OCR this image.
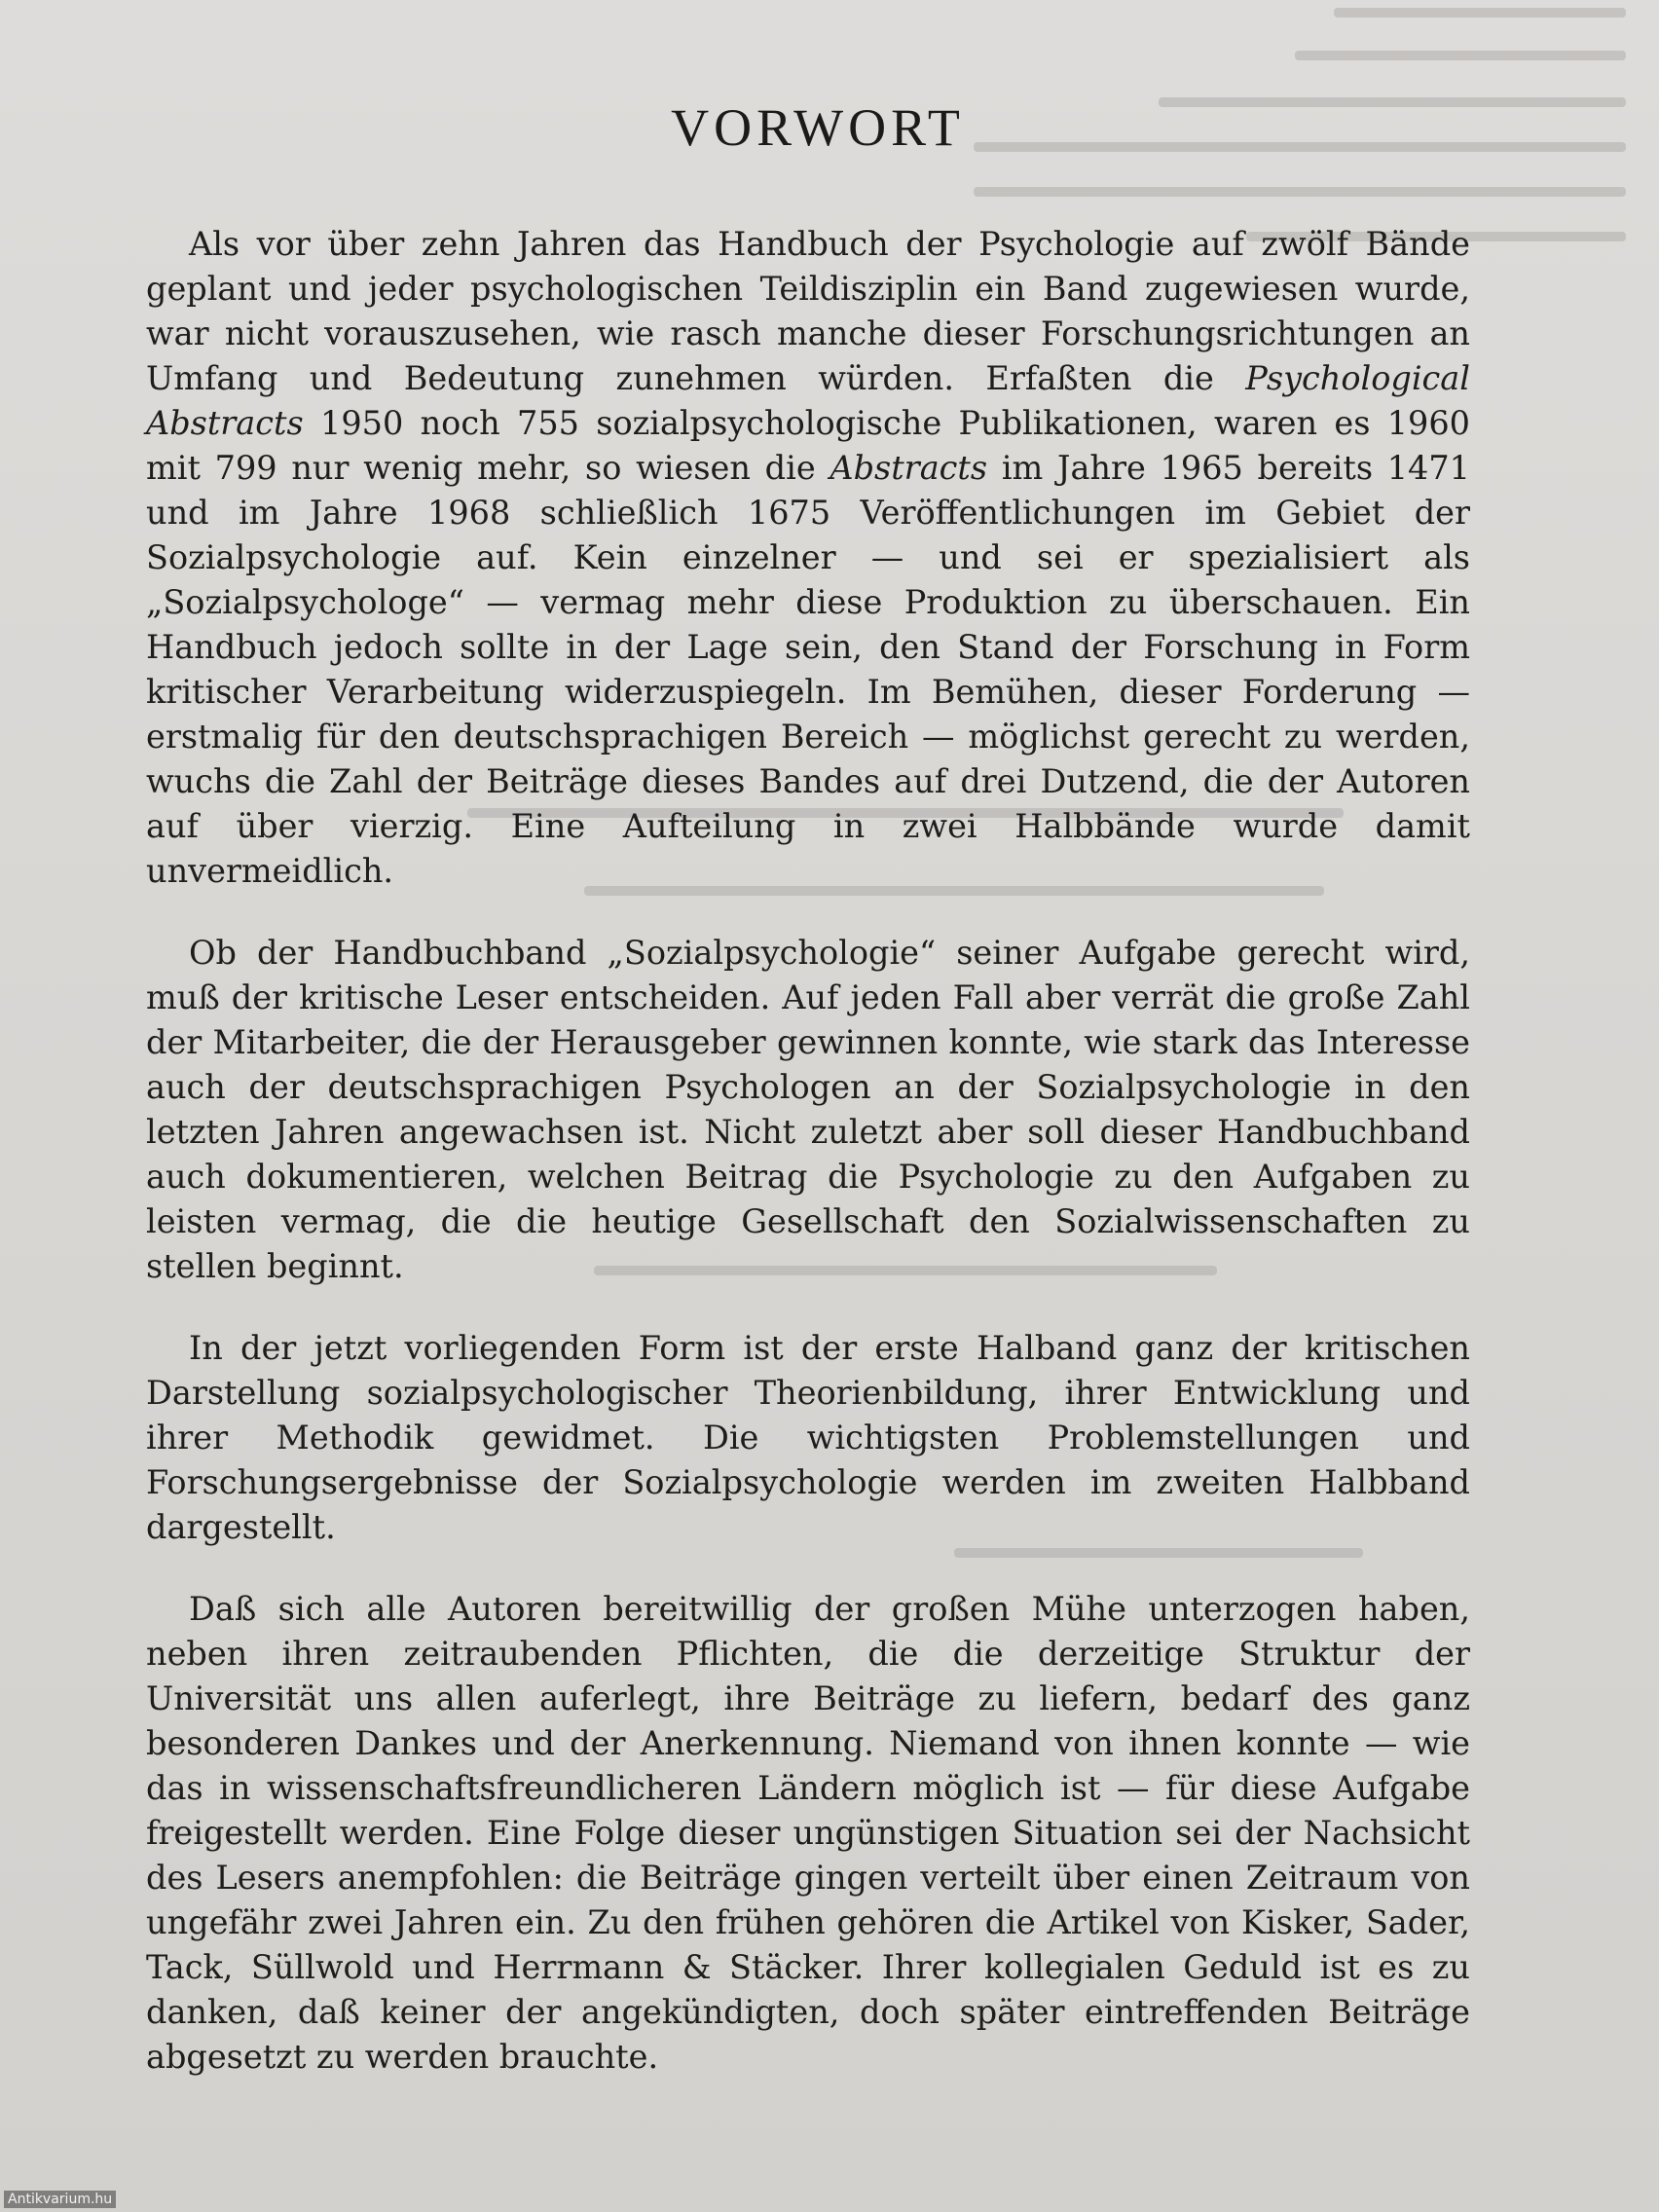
VORWORT

Als vor über zehn Jahren das Handbuch der Psychologie auf zwölf Bände geplant und jeder psychologischen Teildisziplin ein Band zugewiesen wurde, war nicht vorauszusehen, wie rasch manche dieser Forschungsrichtungen an Umfang und Bedeutung zunehmen würden. Erfaßten die Psychological Abstracts 1950 noch 755 sozialpsychologische Publikationen, waren es 1960 mit 799 nur wenig mehr, so wiesen die Abstracts im Jahre 1965 bereits 1471 und im Jahre 1968 schließlich 1675 Veröffentlichungen im Gebiet der Sozialpsychologie auf. Kein einzelner — und sei er spezialisiert als „Sozialpsychologe“ — vermag mehr diese Produktion zu überschauen. Ein Handbuch jedoch sollte in der Lage sein, den Stand der Forschung in Form kritischer Verarbeitung widerzuspiegeln. Im Bemühen, dieser Forderung — erstmalig für den deutschsprachigen Bereich — möglichst gerecht zu werden, wuchs die Zahl der Beiträge dieses Bandes auf drei Dutzend, die der Autoren auf über vierzig. Eine Aufteilung in zwei Halbbände wurde damit unvermeidlich.

Ob der Handbuchband „Sozialpsychologie“ seiner Aufgabe gerecht wird, muß der kritische Leser entscheiden. Auf jeden Fall aber verrät die große Zahl der Mitarbeiter, die der Herausgeber gewinnen konnte, wie stark das Interesse auch der deutschsprachigen Psychologen an der Sozialpsychologie in den letzten Jahren angewachsen ist. Nicht zuletzt aber soll dieser Handbuchband auch dokumentieren, welchen Beitrag die Psychologie zu den Aufgaben zu leisten vermag, die die heutige Gesellschaft den Sozialwissenschaften zu stellen beginnt.

In der jetzt vorliegenden Form ist der erste Halband ganz der kritischen Darstellung sozialpsychologischer Theorienbildung, ihrer Entwicklung und ihrer Methodik gewidmet. Die wichtigsten Problemstellungen und Forschungsergebnisse der Sozialpsychologie werden im zweiten Halbband dargestellt.

Daß sich alle Autoren bereitwillig der großen Mühe unterzogen haben, neben ihren zeitraubenden Pflichten, die die derzeitige Struktur der Universität uns allen auferlegt, ihre Beiträge zu liefern, bedarf des ganz besonderen Dankes und der Anerkennung. Niemand von ihnen konnte — wie das in wissenschaftsfreundlicheren Ländern möglich ist — für diese Aufgabe freigestellt werden. Eine Folge dieser ungünstigen Situation sei der Nachsicht des Lesers anempfohlen: die Beiträge gingen verteilt über einen Zeitraum von ungefähr zwei Jahren ein. Zu den frühen gehören die Artikel von Kisker, Sader, Tack, Süllwold und Herrmann & Stäcker. Ihrer kollegialen Geduld ist es zu danken, daß keiner der angekündigten, doch später eintreffenden Beiträge abgesetzt zu werden brauchte.

Antikvarium.hu
